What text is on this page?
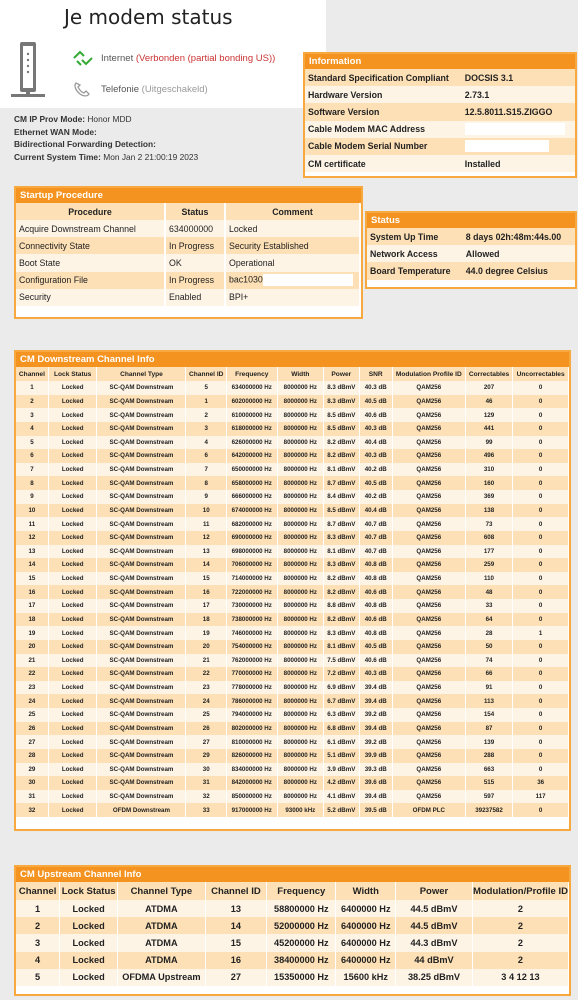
Je modem status
Internet (Verbonden (partial bonding US))
Telefonie (Uitgeschakeld)
CM IP Prov Mode: Honor MDD
Ethernet WAN Mode:
Bidirectional Forwarding Detection:
Current System Time: Mon Jan 2 21:00:19 2023
Information
Standard Specification Compliant	DOCSIS 3.1
Hardware Version	2.73.1
Software Version	12.5.8011.S15.ZIGGO
Cable Modem MAC Address	
Cable Modem Serial Number	
CM certificate	Installed
Startup Procedure
Procedure	Status	Comment
Acquire Downstream Channel	634000000	Locked
Connectivity State	In Progress	Security Established
Boot State	OK	Operational
Configuration File	In Progress	bac1030
Security	Enabled	BPI+
Status
System Up Time	8 days 02h:48m:44s.00
Network Access	Allowed
Board Temperature	44.0 degree Celsius
CM Downstream Channel Info
Channel	Lock Status	Channel Type	Channel ID	Frequency	Width	Power	SNR	Modulation Profile ID	Correctables	Uncorrectables
1	Locked	SC-QAM Downstream	5	634000000 Hz	8000000 Hz	8.3 dBmV	40.3 dB	QAM256	207	0
2	Locked	SC-QAM Downstream	1	602000000 Hz	8000000 Hz	8.3 dBmV	40.5 dB	QAM256	46	0
3	Locked	SC-QAM Downstream	2	610000000 Hz	8000000 Hz	8.5 dBmV	40.6 dB	QAM256	129	0
4	Locked	SC-QAM Downstream	3	618000000 Hz	8000000 Hz	8.5 dBmV	40.3 dB	QAM256	441	0
5	Locked	SC-QAM Downstream	4	626000000 Hz	8000000 Hz	8.2 dBmV	40.4 dB	QAM256	99	0
6	Locked	SC-QAM Downstream	6	642000000 Hz	8000000 Hz	8.2 dBmV	40.3 dB	QAM256	496	0
7	Locked	SC-QAM Downstream	7	650000000 Hz	8000000 Hz	8.1 dBmV	40.2 dB	QAM256	310	0
8	Locked	SC-QAM Downstream	8	658000000 Hz	8000000 Hz	8.7 dBmV	40.5 dB	QAM256	160	0
9	Locked	SC-QAM Downstream	9	666000000 Hz	8000000 Hz	8.4 dBmV	40.2 dB	QAM256	369	0
10	Locked	SC-QAM Downstream	10	674000000 Hz	8000000 Hz	8.5 dBmV	40.4 dB	QAM256	138	0
11	Locked	SC-QAM Downstream	11	682000000 Hz	8000000 Hz	8.7 dBmV	40.7 dB	QAM256	73	0
12	Locked	SC-QAM Downstream	12	690000000 Hz	8000000 Hz	8.3 dBmV	40.7 dB	QAM256	608	0
13	Locked	SC-QAM Downstream	13	698000000 Hz	8000000 Hz	8.1 dBmV	40.7 dB	QAM256	177	0
14	Locked	SC-QAM Downstream	14	706000000 Hz	8000000 Hz	8.3 dBmV	40.8 dB	QAM256	259	0
15	Locked	SC-QAM Downstream	15	714000000 Hz	8000000 Hz	8.2 dBmV	40.8 dB	QAM256	110	0
16	Locked	SC-QAM Downstream	16	722000000 Hz	8000000 Hz	8.2 dBmV	40.6 dB	QAM256	48	0
17	Locked	SC-QAM Downstream	17	730000000 Hz	8000000 Hz	8.8 dBmV	40.8 dB	QAM256	33	0
18	Locked	SC-QAM Downstream	18	738000000 Hz	8000000 Hz	8.2 dBmV	40.6 dB	QAM256	64	0
19	Locked	SC-QAM Downstream	19	746000000 Hz	8000000 Hz	8.3 dBmV	40.8 dB	QAM256	28	1
20	Locked	SC-QAM Downstream	20	754000000 Hz	8000000 Hz	8.1 dBmV	40.5 dB	QAM256	50	0
21	Locked	SC-QAM Downstream	21	762000000 Hz	8000000 Hz	7.5 dBmV	40.6 dB	QAM256	74	0
22	Locked	SC-QAM Downstream	22	770000000 Hz	8000000 Hz	7.2 dBmV	40.3 dB	QAM256	66	0
23	Locked	SC-QAM Downstream	23	778000000 Hz	8000000 Hz	6.9 dBmV	39.4 dB	QAM256	91	0
24	Locked	SC-QAM Downstream	24	786000000 Hz	8000000 Hz	6.7 dBmV	39.4 dB	QAM256	113	0
25	Locked	SC-QAM Downstream	25	794000000 Hz	8000000 Hz	6.3 dBmV	39.2 dB	QAM256	154	0
26	Locked	SC-QAM Downstream	26	802000000 Hz	8000000 Hz	6.8 dBmV	39.4 dB	QAM256	87	0
27	Locked	SC-QAM Downstream	27	810000000 Hz	8000000 Hz	6.1 dBmV	39.2 dB	QAM256	139	0
28	Locked	SC-QAM Downstream	29	826000000 Hz	8000000 Hz	5.1 dBmV	39.9 dB	QAM256	288	0
29	Locked	SC-QAM Downstream	30	834000000 Hz	8000000 Hz	3.9 dBmV	39.3 dB	QAM256	663	0
30	Locked	SC-QAM Downstream	31	842000000 Hz	8000000 Hz	4.2 dBmV	39.6 dB	QAM256	515	36
31	Locked	SC-QAM Downstream	32	850000000 Hz	8000000 Hz	4.1 dBmV	39.4 dB	QAM256	597	117
32	Locked	OFDM Downstream	33	917000000 Hz	93000 kHz	5.2 dBmV	39.5 dB	OFDM PLC	39237582	0
CM Upstream Channel Info
Channel	Lock Status	Channel Type	Channel ID	Frequency	Width	Power	Modulation/Profile ID
1	Locked	ATDMA	13	58800000 Hz	6400000 Hz	44.5 dBmV	2
2	Locked	ATDMA	14	52000000 Hz	6400000 Hz	44.5 dBmV	2
3	Locked	ATDMA	15	45200000 Hz	6400000 Hz	44.3 dBmV	2
4	Locked	ATDMA	16	38400000 Hz	6400000 Hz	44 dBmV	2
5	Locked	OFDMA Upstream	27	15350000 Hz	15600 kHz	38.25 dBmV	3 4 12 13
